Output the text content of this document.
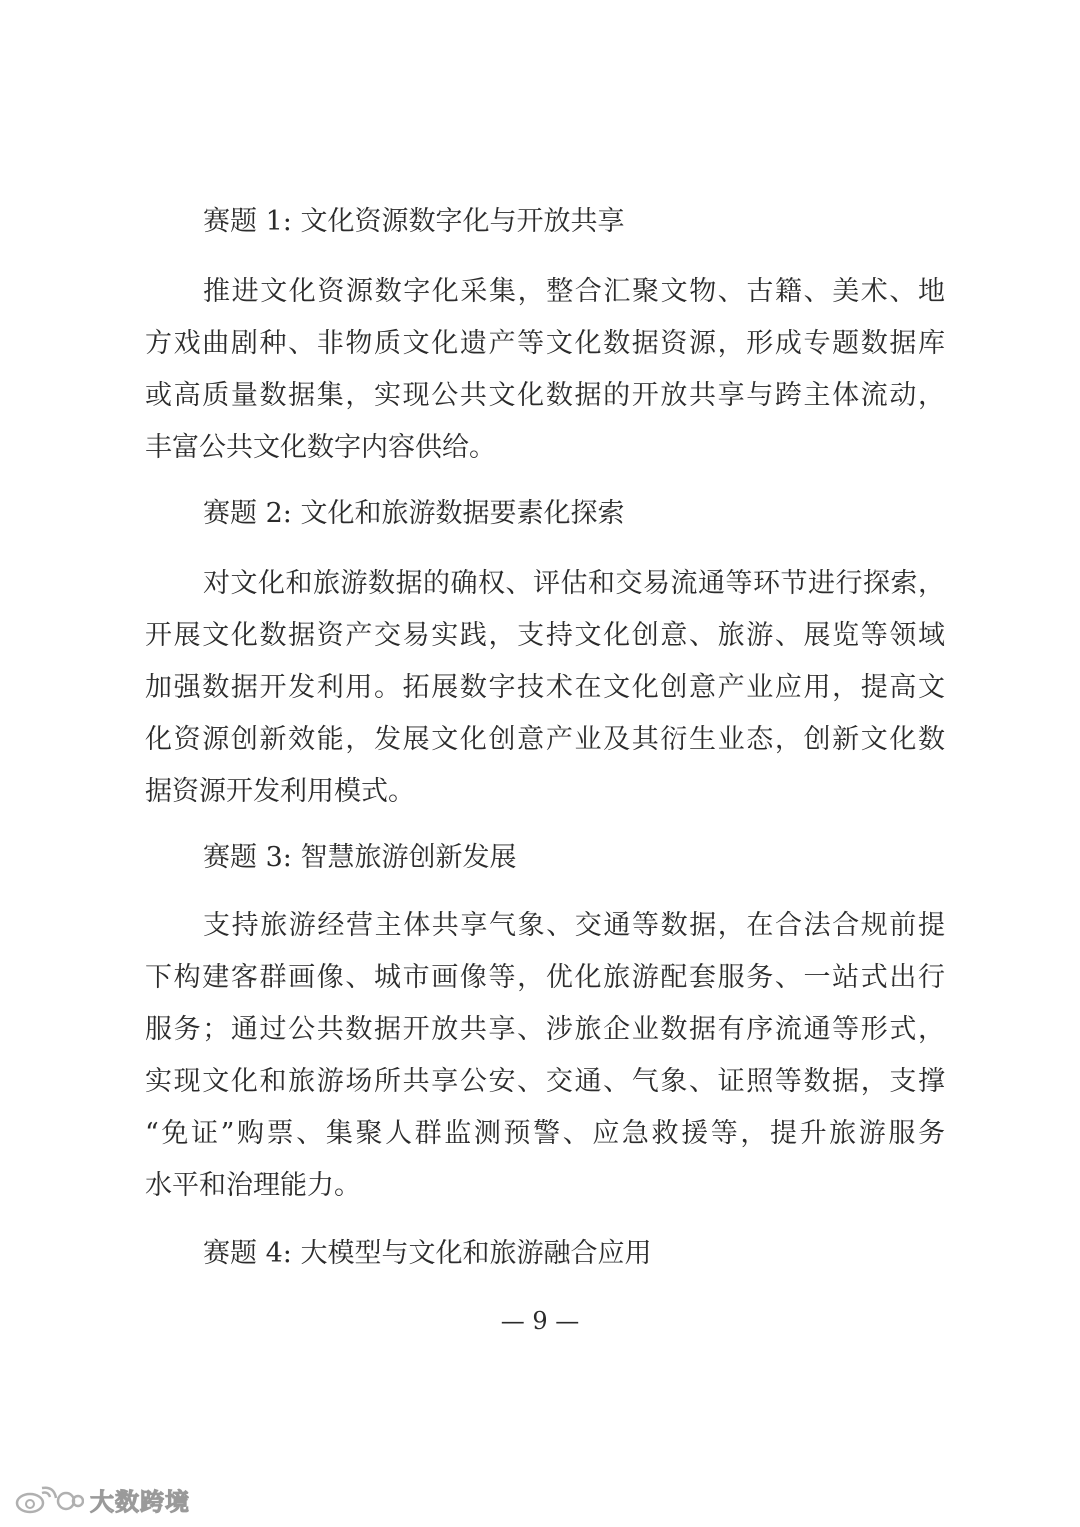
赛题 1: 文化资源数字化与开放共享
推进文化资源数字化采集，整合汇聚文物、古籍、美术、地
方戏曲剧种、非物质文化遗产等文化数据资源，形成专题数据库
或高质量数据集，实现公共文化数据的开放共享与跨主体流动，
丰富公共文化数字内容供给。
赛题 2: 文化和旅游数据要素化探索
对文化和旅游数据的确权、评估和交易流通等环节进行探索，
开展文化数据资产交易实践，支持文化创意、旅游、展览等领域
加强数据开发利用。拓展数字技术在文化创意产业应用，提高文
化资源创新效能，发展文化创意产业及其衍生业态，创新文化数
据资源开发利用模式。
赛题 3: 智慧旅游创新发展
支持旅游经营主体共享气象、交通等数据，在合法合规前提
下构建客群画像、城市画像等，优化旅游配套服务、一站式出行
服务；通过公共数据开放共享、涉旅企业数据有序流通等形式，
实现文化和旅游场所共享公安、交通、气象、证照等数据，支撑
“免证”购票、集聚人群监测预警、应急救援等，提升旅游服务
水平和治理能力。
赛题 4: 大模型与文化和旅游融合应用
— 9 —
大数跨境
